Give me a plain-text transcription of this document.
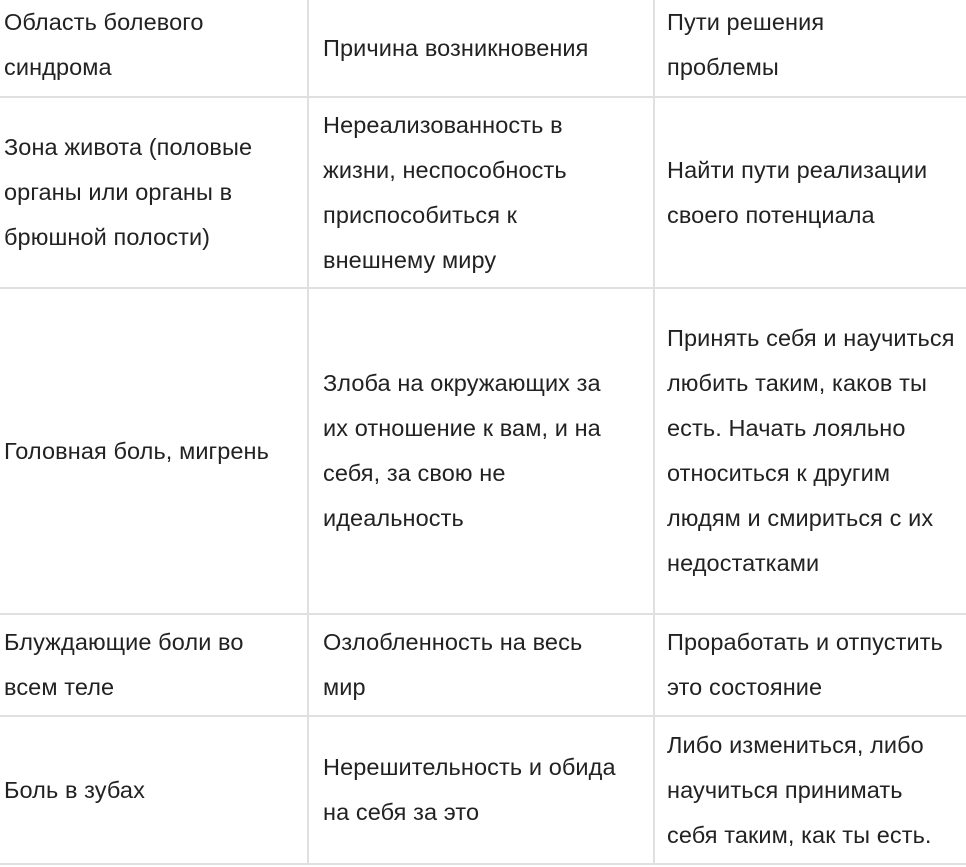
Область болевого синдрома	Причина возникновения	Пути решения проблемы

Зона живота (половые органы или органы в брюшной полости)	Нереализованность в жизни, неспособность приспособиться к внешнему миру	Найти пути реализации своего потенциала

Головная боль, мигрень	Злоба на окружающих за их отношение к вам, и на себя, за свою не идеальность	Принять себя и научиться любить таким, каков ты есть. Начать лояльно относиться к другим людям и смириться с их недостатками

Блуждающие боли во всем теле	Озлобленность на весь мир	Проработать и отпустить это состояние

Боль в зубах	Нерешительность и обида на себя за это	Либо измениться, либо научиться принимать себя таким, как ты есть.
